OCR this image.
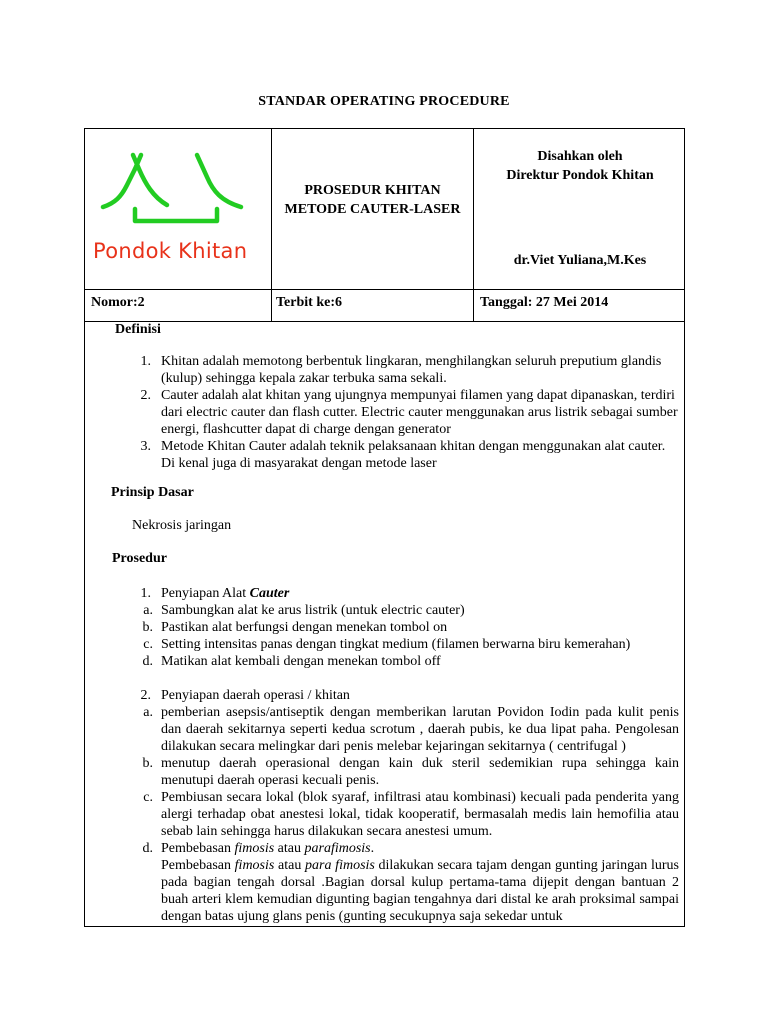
STANDAR OPERATING PROCEDURE
Pondok Khitan
PROSEDUR KHITAN
METODE CAUTER-LASER
Disahkan oleh
Direktur Pondok Khitan
dr.Viet Yuliana,M.Kes
Nomor:2	Terbit ke:6	Tanggal: 27 Mei 2014
Definisi
1. Khitan adalah memotong berbentuk lingkaran, menghilangkan seluruh preputium glandis (kulup) sehingga kepala zakar terbuka sama sekali.
2. Cauter adalah alat khitan yang ujungnya mempunyai filamen yang dapat dipanaskan, terdiri dari electric cauter dan flash cutter. Electric cauter menggunakan arus listrik sebagai sumber energi, flashcutter dapat di charge dengan generator
3. Metode Khitan Cauter adalah teknik pelaksanaan khitan dengan menggunakan alat cauter. Di kenal juga di masyarakat dengan metode laser
Prinsip Dasar
Nekrosis jaringan
Prosedur
1. Penyiapan Alat Cauter
a. Sambungkan alat ke arus listrik (untuk electric cauter)
b. Pastikan alat berfungsi dengan menekan tombol on
c. Setting intensitas panas dengan tingkat medium (filamen berwarna biru kemerahan)
d. Matikan alat kembali dengan menekan tombol off
2. Penyiapan daerah operasi / khitan
a. pemberian asepsis/antiseptik dengan memberikan larutan Povidon Iodin pada kulit penis dan daerah sekitarnya seperti kedua scrotum , daerah pubis, ke dua lipat paha. Pengolesan dilakukan secara melingkar dari penis melebar kejaringan sekitarnya ( centrifugal )
b. menutup daerah operasional dengan kain duk steril sedemikian rupa sehingga kain menutupi daerah operasi kecuali penis.
c. Pembiusan secara lokal (blok syaraf, infiltrasi atau kombinasi) kecuali pada penderita yang alergi terhadap obat anestesi lokal, tidak kooperatif, bermasalah medis lain hemofilia atau sebab lain sehingga harus dilakukan secara anestesi umum.
d. Pembebasan fimosis atau parafimosis.
Pembebasan fimosis atau para fimosis dilakukan secara tajam dengan gunting jaringan lurus pada bagian tengah dorsal .Bagian dorsal kulup pertama-tama dijepit dengan bantuan 2 buah arteri klem kemudian digunting bagian tengahnya dari distal ke arah proksimal sampai dengan batas ujung glans penis (gunting secukupnya saja sekedar untuk
